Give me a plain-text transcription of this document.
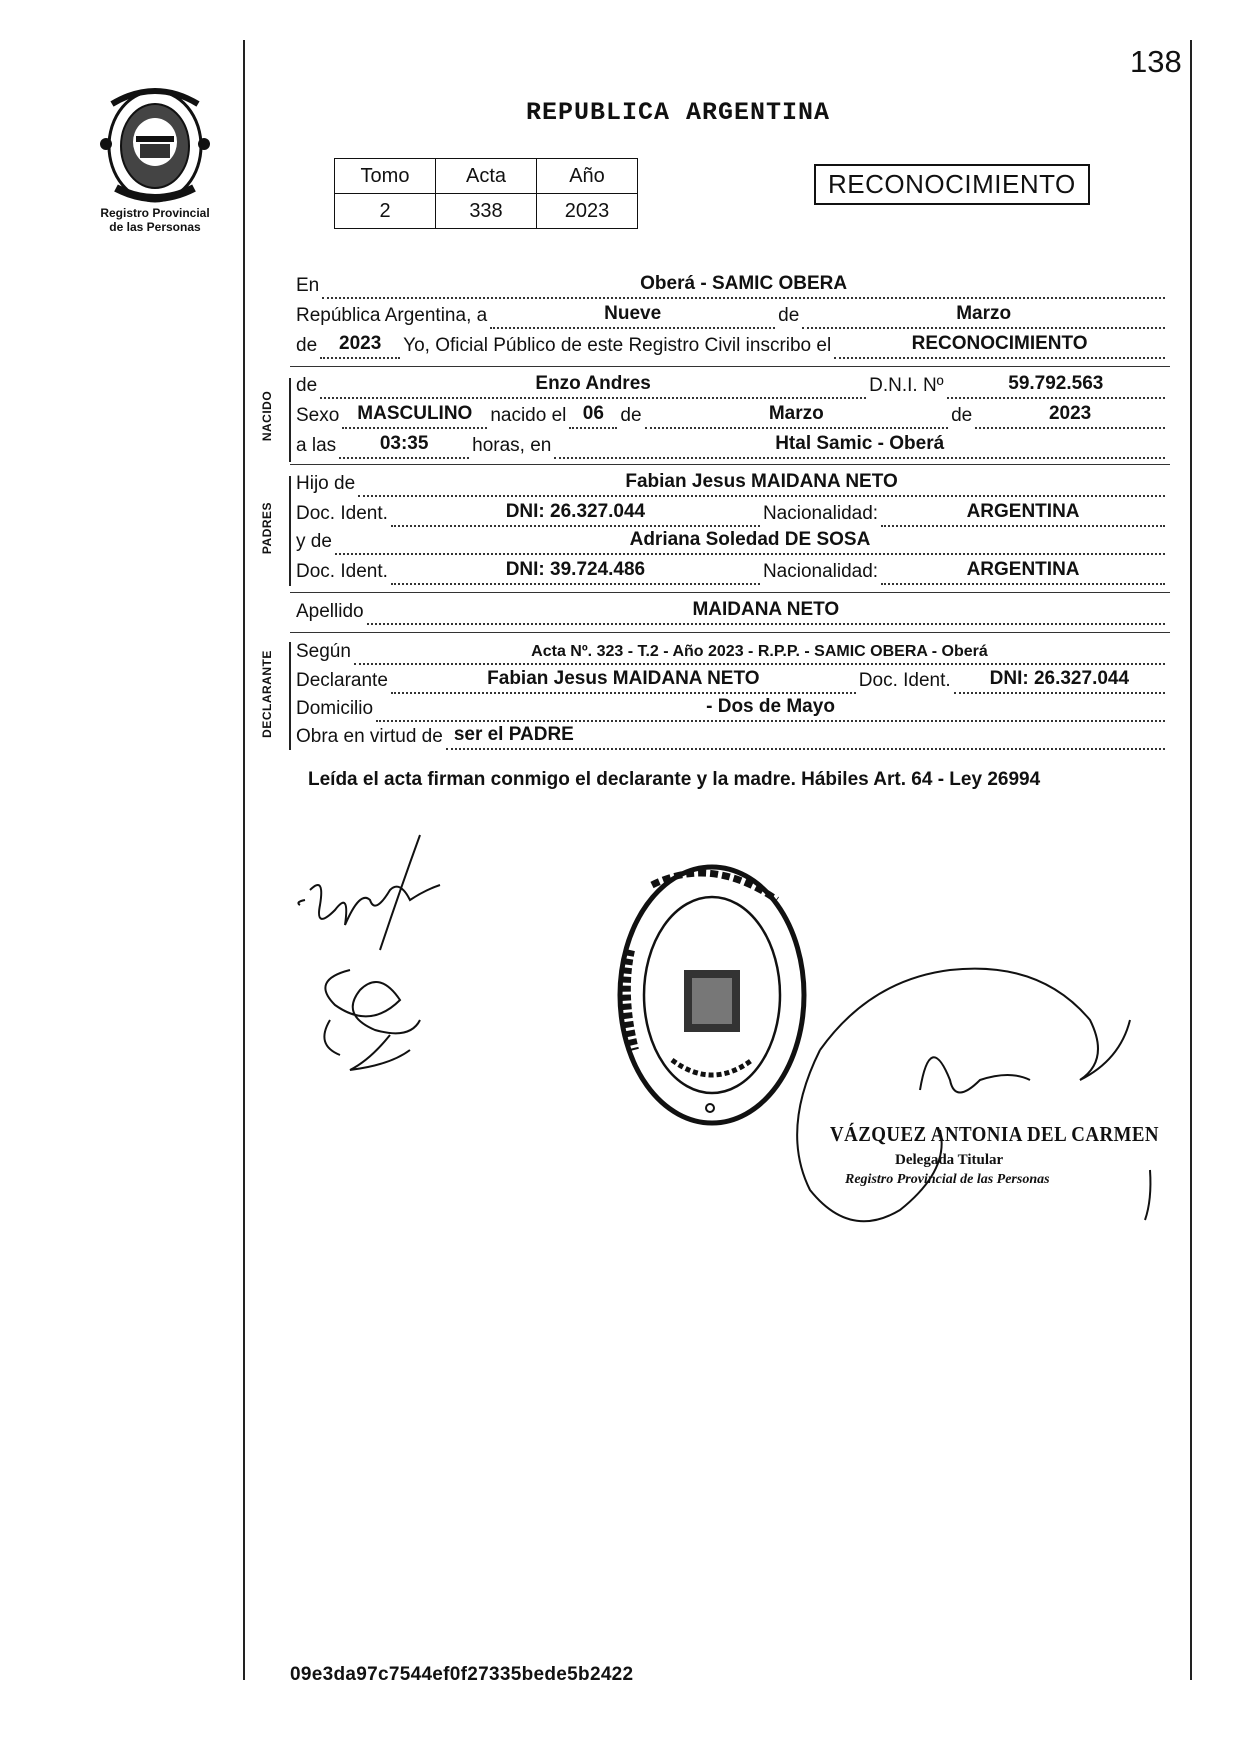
138
Registro Provincial
de las Personas
REPUBLICA ARGENTINA
Tomo	Acta	Año
2	338	2023
RECONOCIMIENTO
En	Oberá - SAMIC OBERA
República Argentina, a	Nueve	de	Marzo
de	2023	Yo, Oficial Público de este Registro Civil inscribo el	RECONOCIMIENTO
de	Enzo Andres	D.N.I. Nº	59.792.563
Sexo MASCULINO nacido el 06 de	Marzo	de	2023
a las	03:35	horas, en	Htal Samic - Oberá
Hijo de	Fabian Jesus MAIDANA NETO
Doc. Ident.	DNI: 26.327.044	Nacionalidad:	ARGENTINA
y de	Adriana Soledad DE SOSA
Doc. Ident.	DNI: 39.724.486	Nacionalidad:	ARGENTINA
Apellido	MAIDANA NETO
Según	Acta Nº. 323 - T.2 - Año 2023 - R.P.P. - SAMIC OBERA - Oberá
Declarante	Fabian Jesus MAIDANA NETO	Doc. Ident.	DNI: 26.327.044
Domicilio	- Dos de Mayo
Obra en virtud de ser el PADRE
NACIDO
PADRES
DECLARANTE
Leída el acta firman conmigo el declarante y la madre. Hábiles Art. 64 - Ley 26994
VÁZQUEZ ANTONIA DEL CARMEN
Delegada Titular
Registro Provincial de las Personas
09e3da97c7544ef0f27335bede5b2422
